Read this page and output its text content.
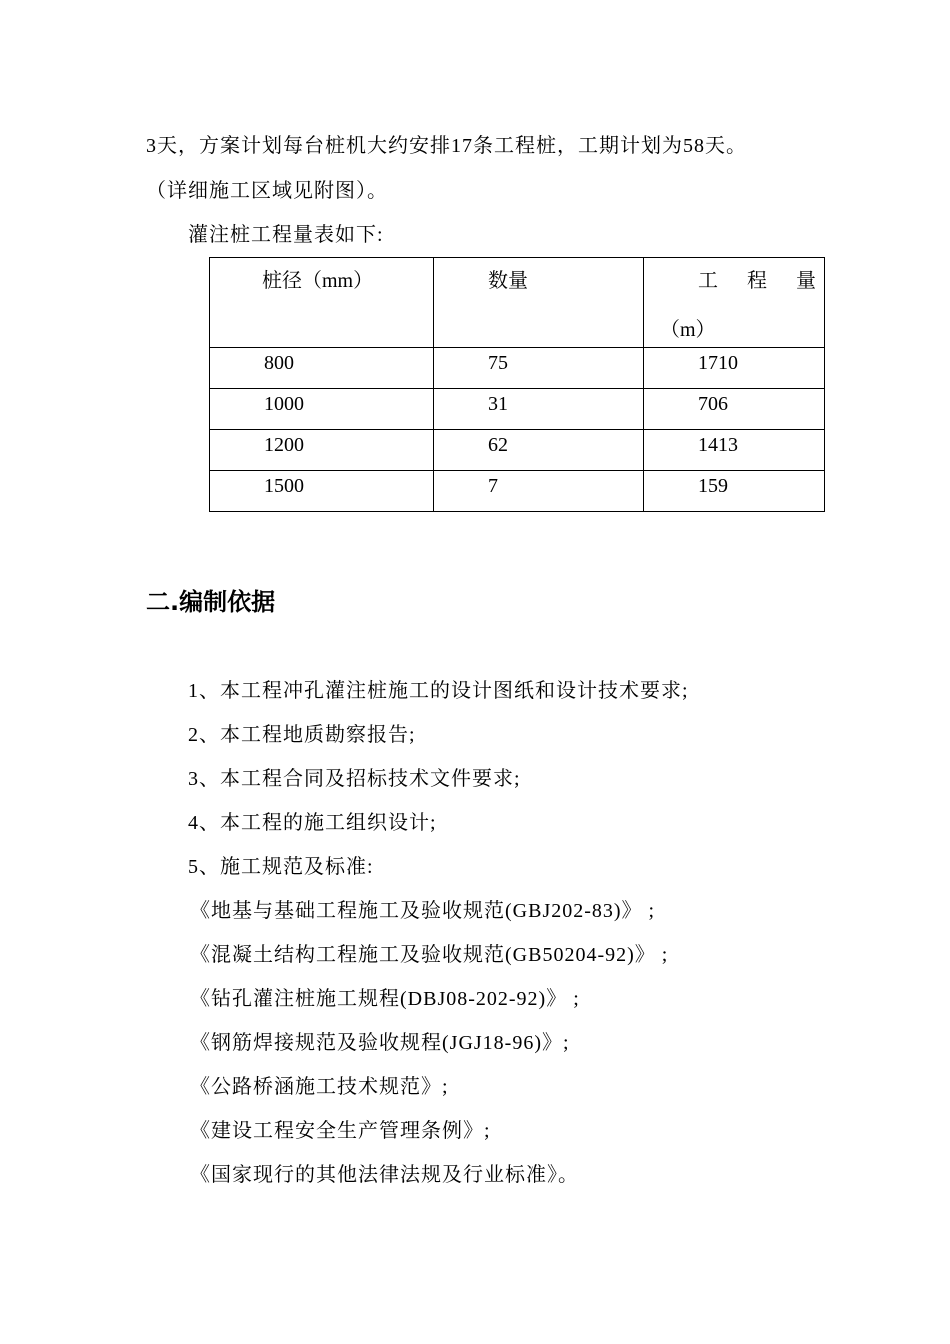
3天，方案计划每台桩机大约安排17条工程桩，工期计划为58天。
（详细施工区域见附图）。
灌注桩工程量表如下:
桩径（mm）	数量	工 程 量
（m）

800	75	1710

1000	31	706

1200	62	1413

1500	7	159
二.编制依据
1、本工程冲孔灌注桩施工的设计图纸和设计技术要求;
2、本工程地质勘察报告;
3、本工程合同及招标技术文件要求;
4、本工程的施工组织设计;
5、施工规范及标准:
《地基与基础工程施工及验收规范(GBJ202-83)》 ;
《混凝土结构工程施工及验收规范(GB50204-92)》 ;
《钻孔灌注桩施工规程(DBJ08-202-92)》 ;
《钢筋焊接规范及验收规程(JGJ18-96)》;
《公路桥涵施工技术规范》;
《建设工程安全生产管理条例》;
《国家现行的其他法律法规及行业标准》。
